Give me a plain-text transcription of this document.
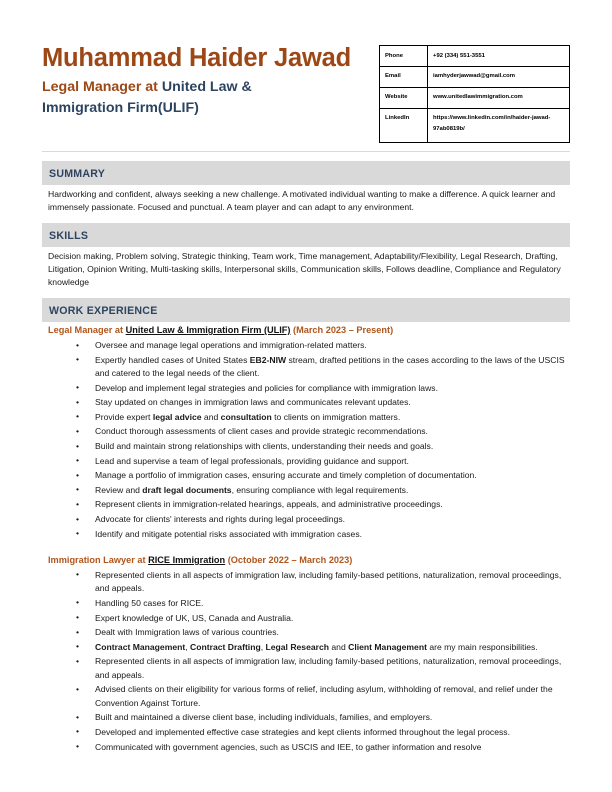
Muhammad Haider Jawad
Legal Manager at United Law & Immigration Firm(ULIF)
Phone	+92 (334) 551-3551
Email	iamhyderjawwad@gmail.com
Website	www.unitedlawimmigration.com
LinkedIn	https://www.linkedin.com/in/haider-jawad-97ab0819b/
SUMMARY
Hardworking and confident, always seeking a new challenge. A motivated individual wanting to make a difference. A quick learner and immensely passionate. Focused and punctual. A team player and can adapt to any environment.
SKILLS
Decision making, Problem solving, Strategic thinking, Team work, Time management, Adaptability/Flexibility, Legal Research, Drafting, Litigation, Opinion Writing, Multi-tasking skills, Interpersonal skills, Communication skills, Follows deadline, Compliance and Regulatory knowledge
WORK EXPERIENCE
Legal Manager at United Law & Immigration Firm (ULIF) (March 2023 – Present)
• Oversee and manage legal operations and immigration-related matters.
• Expertly handled cases of United States EB2-NIW stream, drafted petitions in the cases according to the laws of the USCIS and catered to the legal needs of the client.
• Develop and implement legal strategies and policies for compliance with immigration laws.
• Stay updated on changes in immigration laws and communicates relevant updates.
• Provide expert legal advice and consultation to clients on immigration matters.
• Conduct thorough assessments of client cases and provide strategic recommendations.
• Build and maintain strong relationships with clients, understanding their needs and goals.
• Lead and supervise a team of legal professionals, providing guidance and support.
• Manage a portfolio of immigration cases, ensuring accurate and timely completion of documentation.
• Review and draft legal documents, ensuring compliance with legal requirements.
• Represent clients in immigration-related hearings, appeals, and administrative proceedings.
• Advocate for clients' interests and rights during legal proceedings.
• Identify and mitigate potential risks associated with immigration cases.
Immigration Lawyer at RICE Immigration (October 2022 – March 2023)
• Represented clients in all aspects of immigration law, including family-based petitions, naturalization, removal proceedings, and appeals.
• Handling 50 cases for RICE.
• Expert knowledge of UK, US, Canada and Australia.
• Dealt with Immigration laws of various countries.
• Contract Management, Contract Drafting, Legal Research and Client Management are my main responsibilities.
• Represented clients in all aspects of immigration law, including family-based petitions, naturalization, removal proceedings, and appeals.
• Advised clients on their eligibility for various forms of relief, including asylum, withholding of removal, and relief under the Convention Against Torture.
• Built and maintained a diverse client base, including individuals, families, and employers.
• Developed and implemented effective case strategies and kept clients informed throughout the legal process.
• Communicated with government agencies, such as USCIS and IEE, to gather information and resolve
